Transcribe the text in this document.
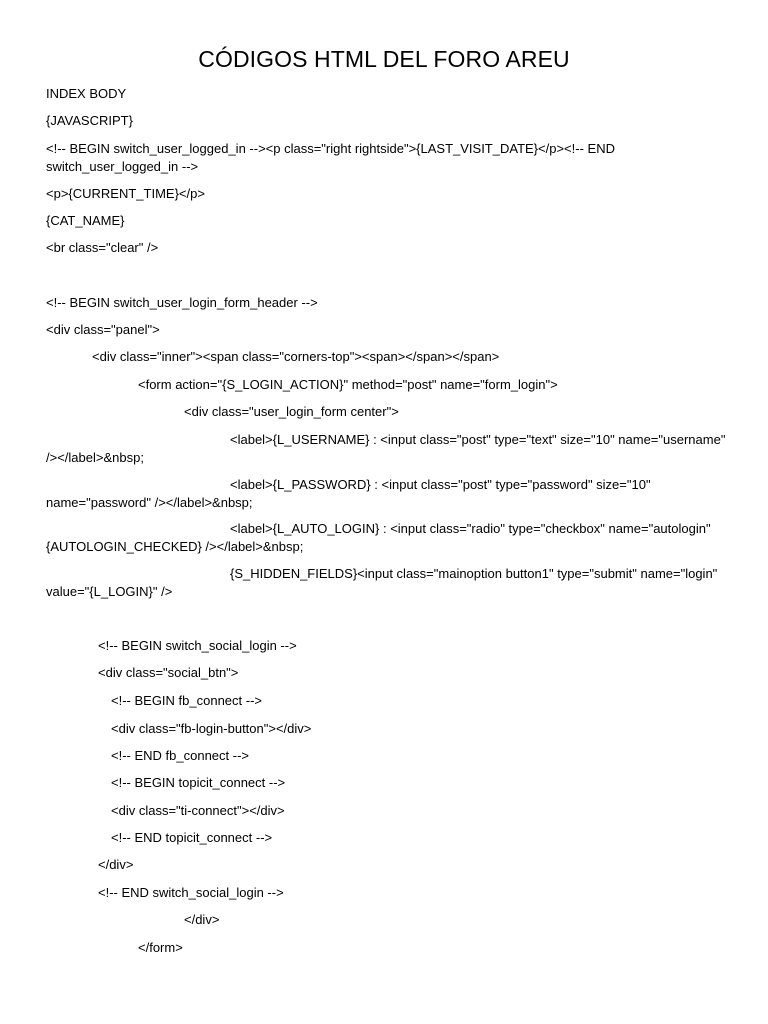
CÓDIGOS HTML DEL FORO AREU
INDEX BODY
{JAVASCRIPT}
<!-- BEGIN switch_user_logged_in --><p class="right rightside">{LAST_VISIT_DATE}</p><!-- END switch_user_logged_in -->
<p>{CURRENT_TIME}</p>
{CAT_NAME}
<br class="clear" />
<!-- BEGIN switch_user_login_form_header -->
<div class="panel">
<div class="inner"><span class="corners-top"><span></span></span>
<form action="{S_LOGIN_ACTION}" method="post" name="form_login">
<div class="user_login_form center">
<label>{L_USERNAME} : <input class="post" type="text" size="10" name="username" /></label>&nbsp;
<label>{L_PASSWORD} : <input class="post" type="password" size="10" name="password" /></label>&nbsp;
<label>{L_AUTO_LOGIN} : <input class="radio" type="checkbox" name="autologin" {AUTOLOGIN_CHECKED} /></label>&nbsp;
{S_HIDDEN_FIELDS}<input class="mainoption button1" type="submit" name="login" value="{L_LOGIN}" />
<!-- BEGIN switch_social_login -->
<div class="social_btn">
<!-- BEGIN fb_connect -->
<div class="fb-login-button"></div>
<!-- END fb_connect -->
<!-- BEGIN topicit_connect -->
<div class="ti-connect"></div>
<!-- END topicit_connect -->
</div>
<!-- END switch_social_login -->
</div>
</form>
